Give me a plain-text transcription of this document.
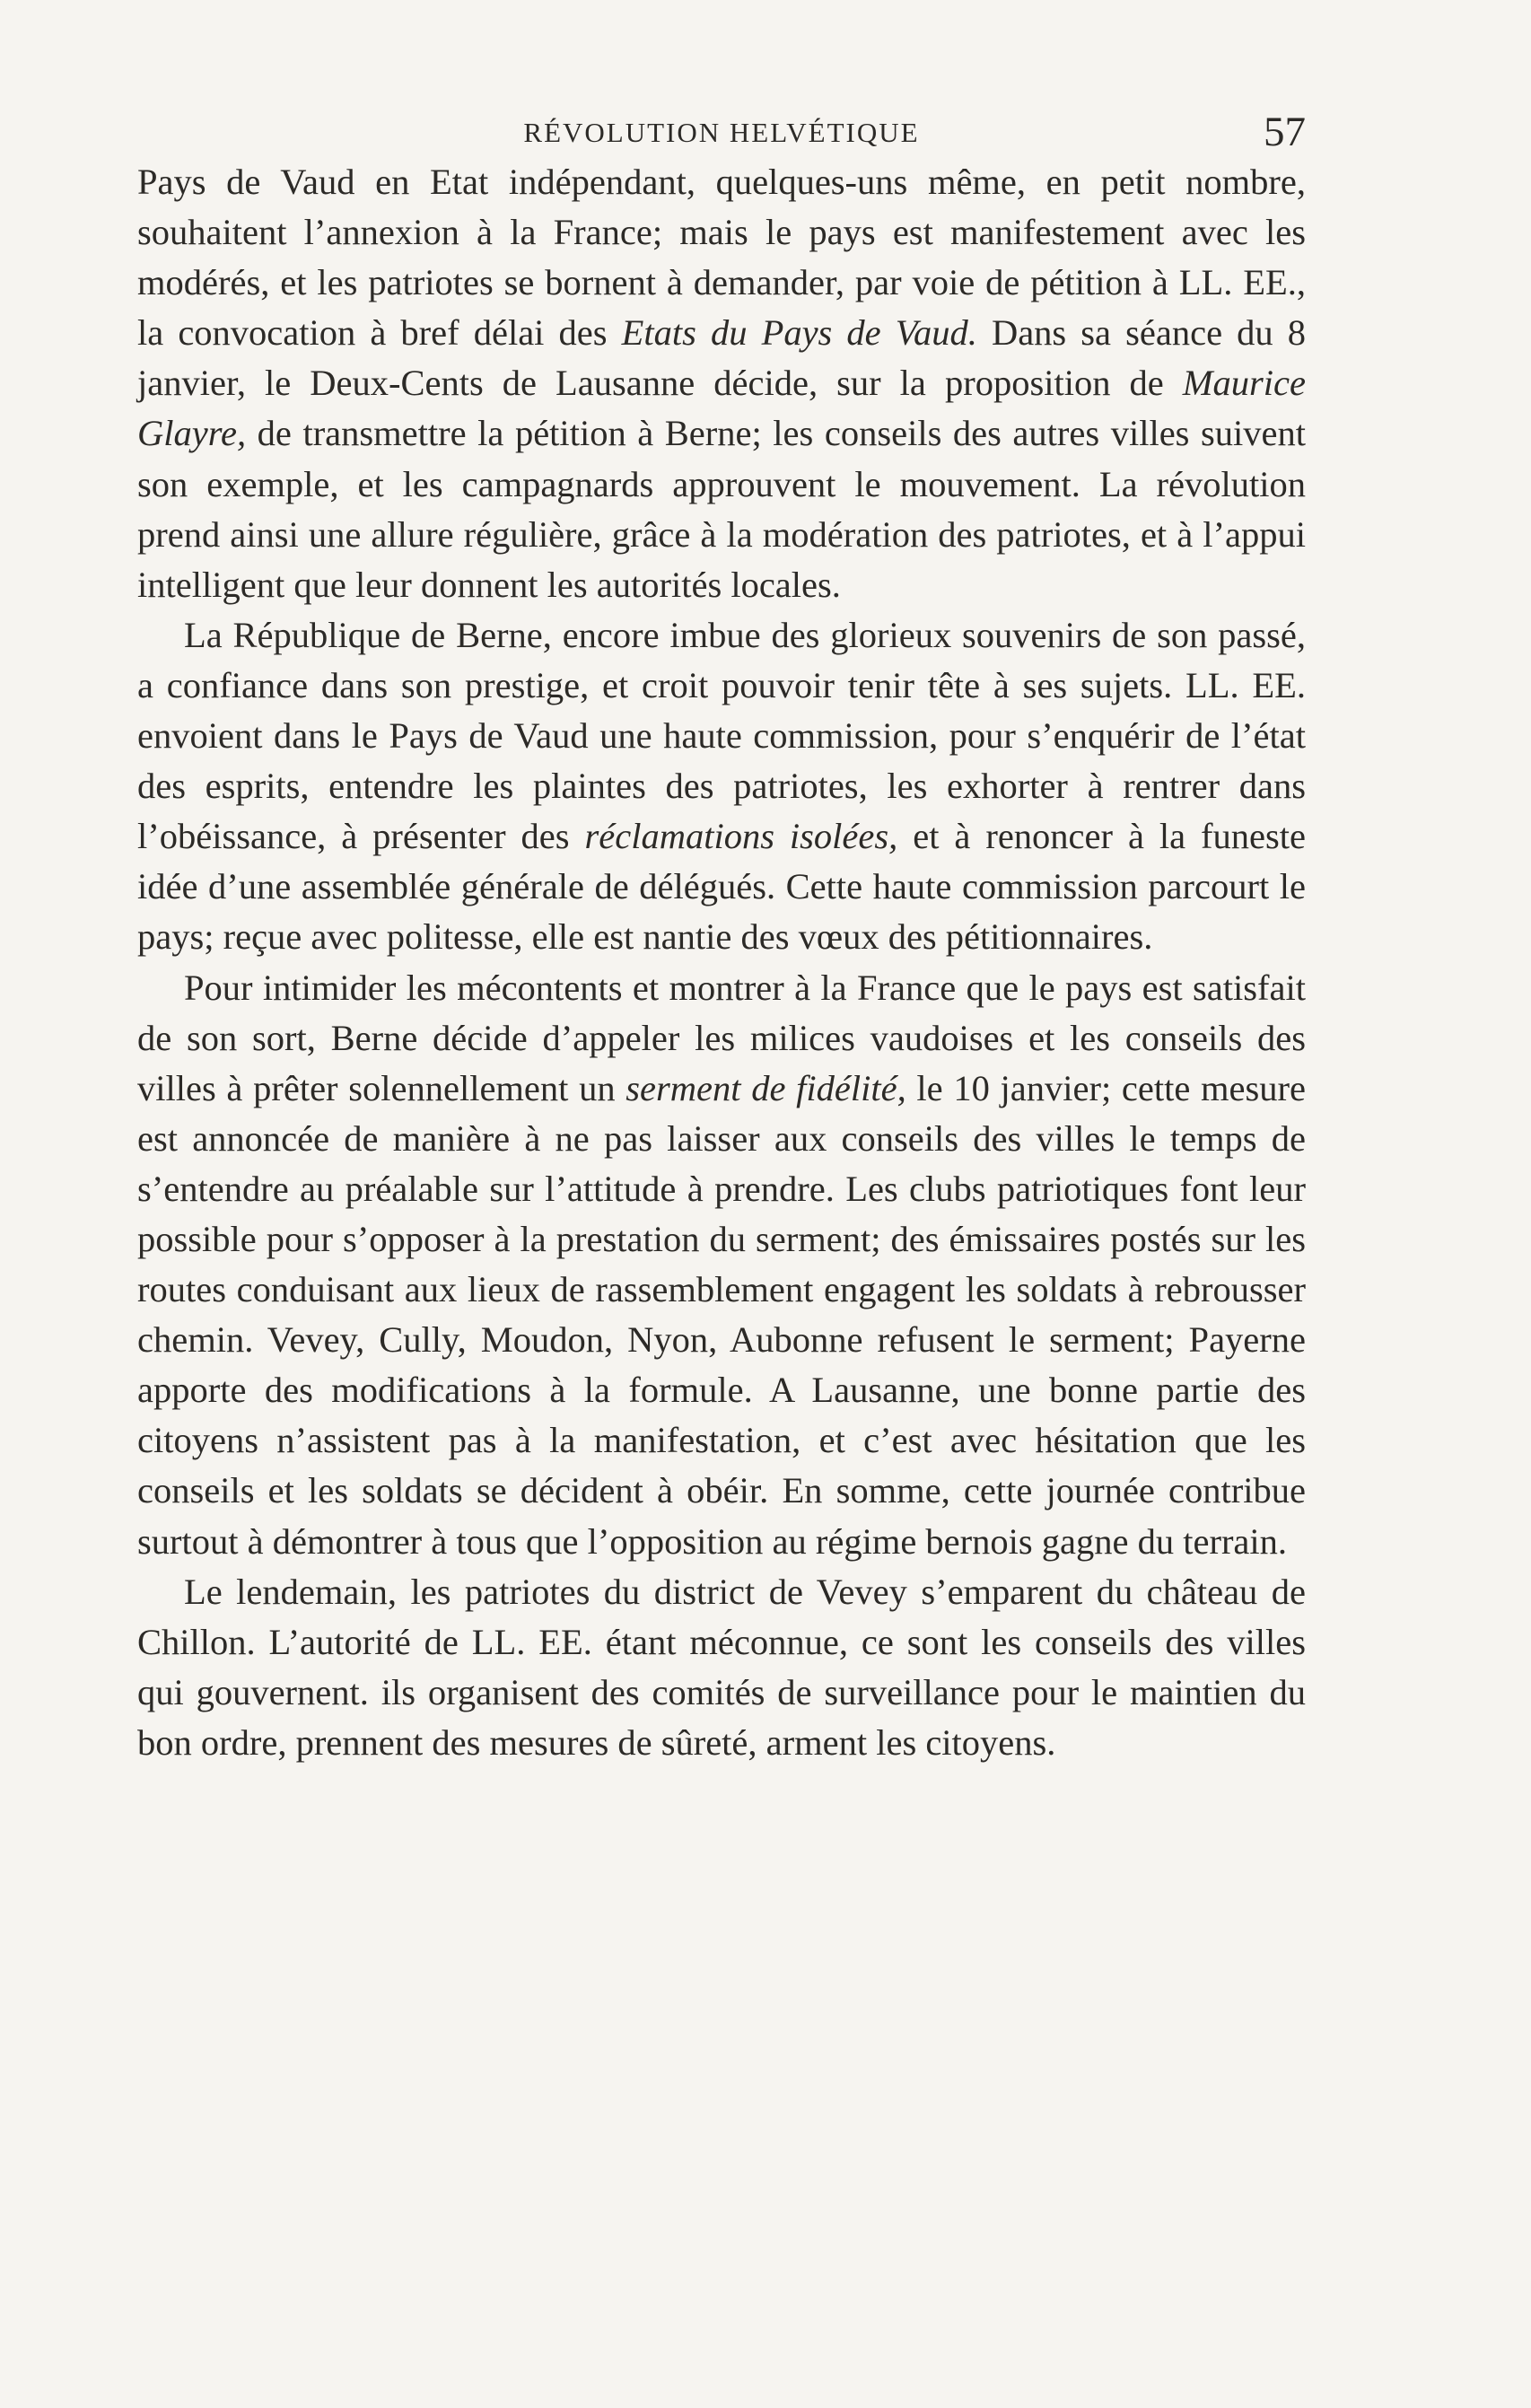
RÉVOLUTION HELVÉTIQUE	57

Pays de Vaud en Etat indépendant, quelques-uns même, en petit nombre, souhaitent l’annexion à la France; mais le pays est manifestement avec les modérés, et les patriotes se bornent à demander, par voie de pétition à LL. EE., la convocation à bref délai des Etats du Pays de Vaud. Dans sa séance du 8 janvier, le Deux-Cents de Lausanne décide, sur la proposition de Maurice Glayre, de transmettre la pétition à Berne; les conseils des autres villes suivent son exemple, et les campagnards approuvent le mouvement. La révolution prend ainsi une allure régulière, grâce à la modération des patriotes, et à l’appui intelligent que leur donnent les autorités locales.

La République de Berne, encore imbue des glorieux souvenirs de son passé, a confiance dans son prestige, et croit pouvoir tenir tête à ses sujets. LL. EE. envoient dans le Pays de Vaud une haute commission, pour s’enquérir de l’état des esprits, entendre les plaintes des patriotes, les exhorter à rentrer dans l’obéissance, à présenter des réclamations isolées, et à renoncer à la funeste idée d’une assemblée générale de délégués. Cette haute commission parcourt le pays; reçue avec politesse, elle est nantie des vœux des pétitionnaires.

Pour intimider les mécontents et montrer à la France que le pays est satisfait de son sort, Berne décide d’appeler les milices vaudoises et les conseils des villes à prêter solennellement un serment de fidélité, le 10 janvier; cette mesure est annoncée de manière à ne pas laisser aux conseils des villes le temps de s’entendre au préalable sur l’attitude à prendre. Les clubs patriotiques font leur possible pour s’opposer à la prestation du serment; des émissaires postés sur les routes conduisant aux lieux de rassemblement engagent les soldats à rebrousser chemin. Vevey, Cully, Moudon, Nyon, Aubonne refusent le serment; Payerne apporte des modifications à la formule. A Lausanne, une bonne partie des citoyens n’assistent pas à la manifestation, et c’est avec hésitation que les conseils et les soldats se décident à obéir. En somme, cette journée contribue surtout à démontrer à tous que l’opposition au régime bernois gagne du terrain.

Le lendemain, les patriotes du district de Vevey s’emparent du château de Chillon. L’autorité de LL. EE. étant méconnue, ce sont les conseils des villes qui gouvernent. ils organisent des comités de surveillance pour le maintien du bon ordre, prennent des mesures de sûreté, arment les citoyens.
